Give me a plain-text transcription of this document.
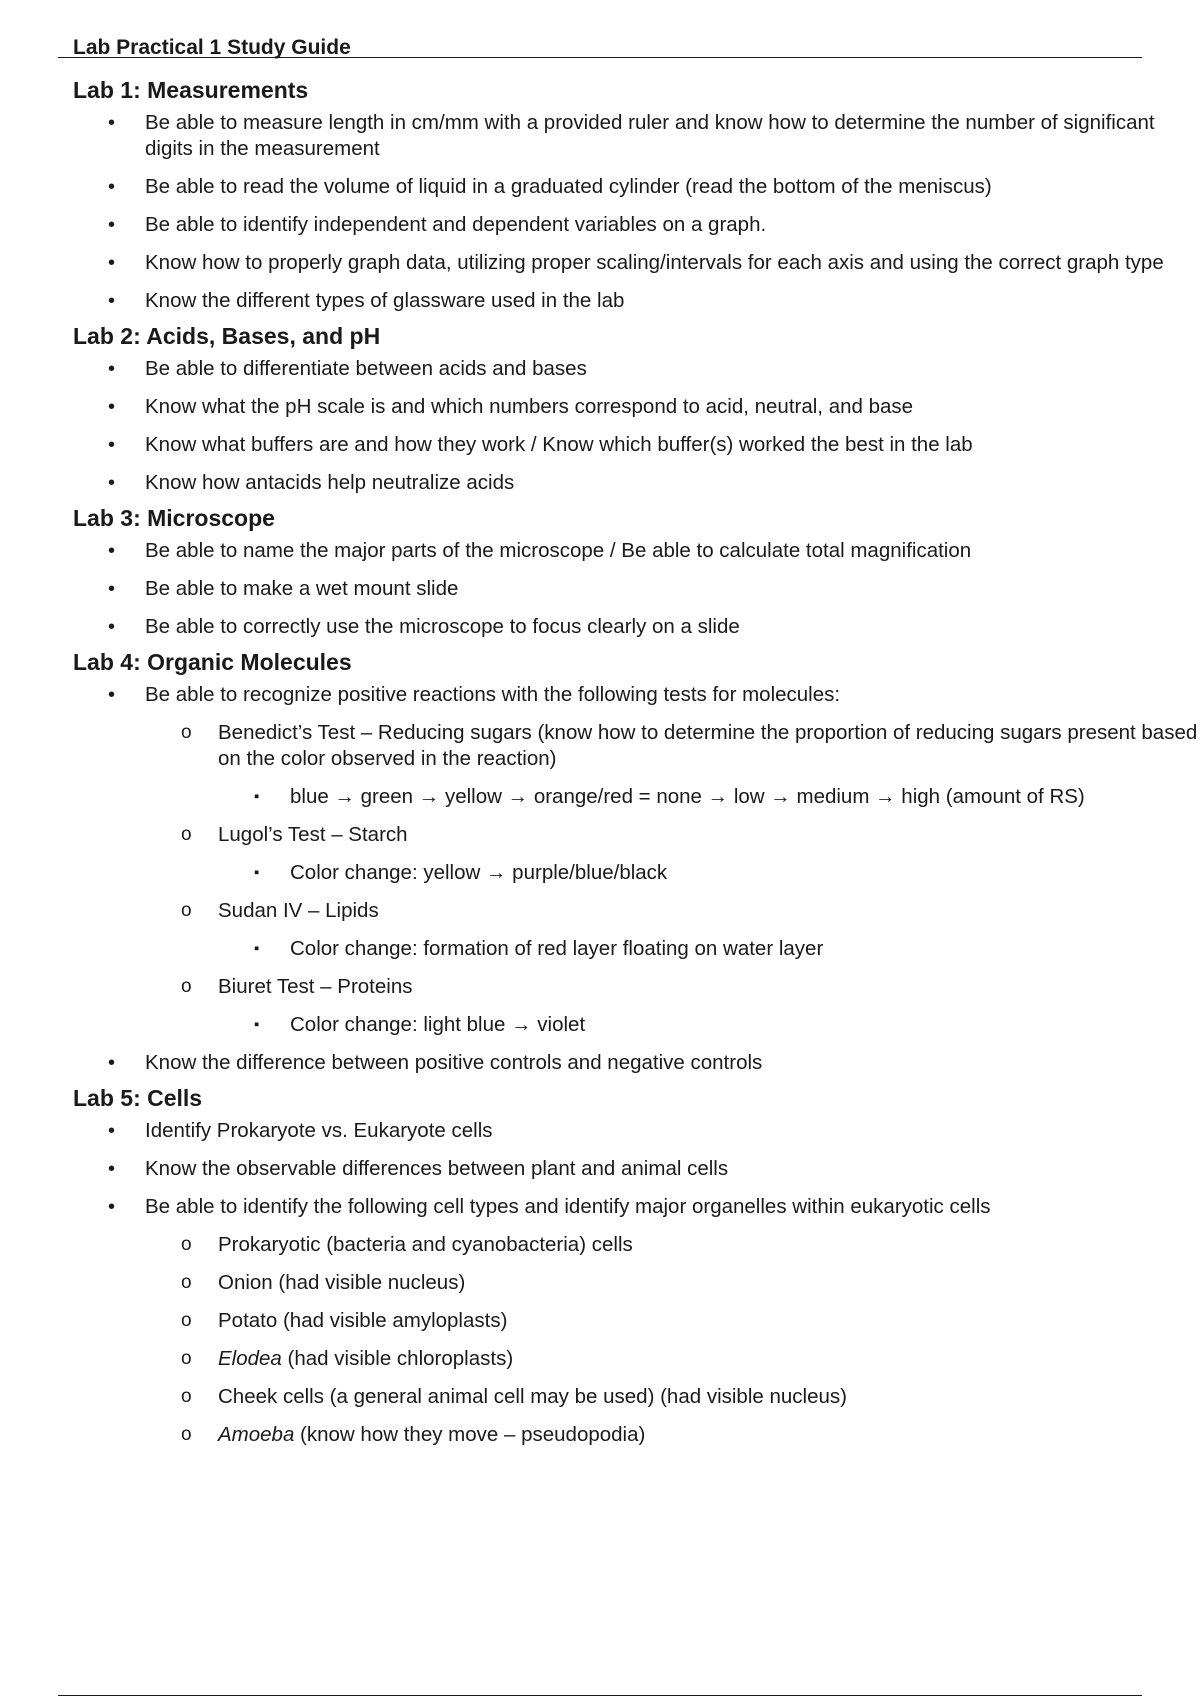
Lab Practical 1 Study Guide
Lab 1: Measurements
• Be able to measure length in cm/mm with a provided ruler and know how to determine the number of significant digits in the measurement
• Be able to read the volume of liquid in a graduated cylinder (read the bottom of the meniscus)
• Be able to identify independent and dependent variables on a graph.
• Know how to properly graph data, utilizing proper scaling/intervals for each axis and using the correct graph type
• Know the different types of glassware used in the lab
Lab 2: Acids, Bases, and pH
• Be able to differentiate between acids and bases
• Know what the pH scale is and which numbers correspond to acid, neutral, and base
• Know what buffers are and how they work / Know which buffer(s) worked the best in the lab
• Know how antacids help neutralize acids
Lab 3: Microscope
• Be able to name the major parts of the microscope / Be able to calculate total magnification
• Be able to make a wet mount slide
• Be able to correctly use the microscope to focus clearly on a slide
Lab 4: Organic Molecules
• Be able to recognize positive reactions with the following tests for molecules:
o Benedict’s Test – Reducing sugars (know how to determine the proportion of reducing sugars present based on the color observed in the reaction)
▪ blue → green → yellow → orange/red = none → low → medium → high (amount of RS)
o Lugol’s Test – Starch
▪ Color change: yellow → purple/blue/black
o Sudan IV – Lipids
▪ Color change: formation of red layer floating on water layer
o Biuret Test – Proteins
▪ Color change: light blue → violet
• Know the difference between positive controls and negative controls
Lab 5: Cells
• Identify Prokaryote vs. Eukaryote cells
• Know the observable differences between plant and animal cells
• Be able to identify the following cell types and identify major organelles within eukaryotic cells
o Prokaryotic (bacteria and cyanobacteria) cells
o Onion (had visible nucleus)
o Potato (had visible amyloplasts)
o Elodea (had visible chloroplasts)
o Cheek cells (a general animal cell may be used) (had visible nucleus)
o Amoeba (know how they move – pseudopodia)
